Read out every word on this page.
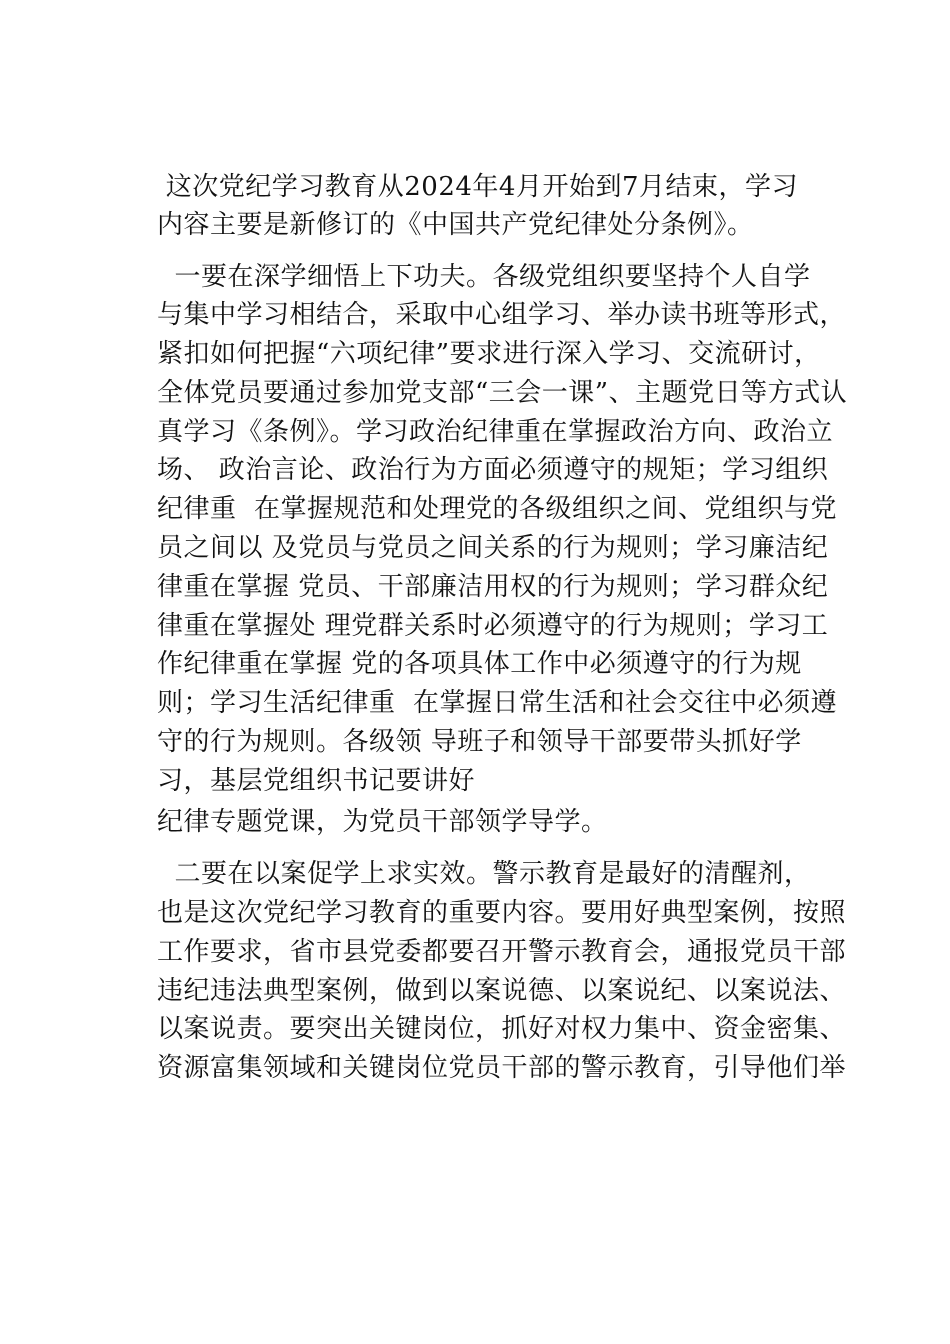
这次党纪学习教育从2024年4月开始到7月结束，学习

内容主要是新修订的《中国共产党纪律处分条例》。

一要在深学细悟上下功夫。各级党组织要坚持个人自学

与集中学习相结合，采取中心组学习、举办读书班等形式，

紧扣如何把握“六项纪律”要求进行深入学习、交流研讨，

全体党员要通过参加党支部“三会一课”、主题党日等方式认

真学习《条例》。学习政治纪律重在掌握政治方向、政治立

场、 政治言论、政治行为方面必须遵守的规矩；学习组织

纪律重  在掌握规范和处理党的各级组织之间、党组织与党

员之间以 及党员与党员之间关系的行为规则；学习廉洁纪

律重在掌握 党员、干部廉洁用权的行为规则；学习群众纪

律重在掌握处 理党群关系时必须遵守的行为规则；学习工

作纪律重在掌握 党的各项具体工作中必须遵守的行为规

则；学习生活纪律重  在掌握日常生活和社会交往中必须遵

守的行为规则。各级领 导班子和领导干部要带头抓好学

习，基层党组织书记要讲好

纪律专题党课，为党员干部领学导学。

二要在以案促学上求实效。警示教育是最好的清醒剂，

也是这次党纪学习教育的重要内容。要用好典型案例，按照

工作要求，省市县党委都要召开警示教育会，通报党员干部

违纪违法典型案例，做到以案说德、以案说纪、以案说法、

以案说责。要突出关键岗位，抓好对权力集中、资金密集、

资源富集领域和关键岗位党员干部的警示教育，引导他们举
